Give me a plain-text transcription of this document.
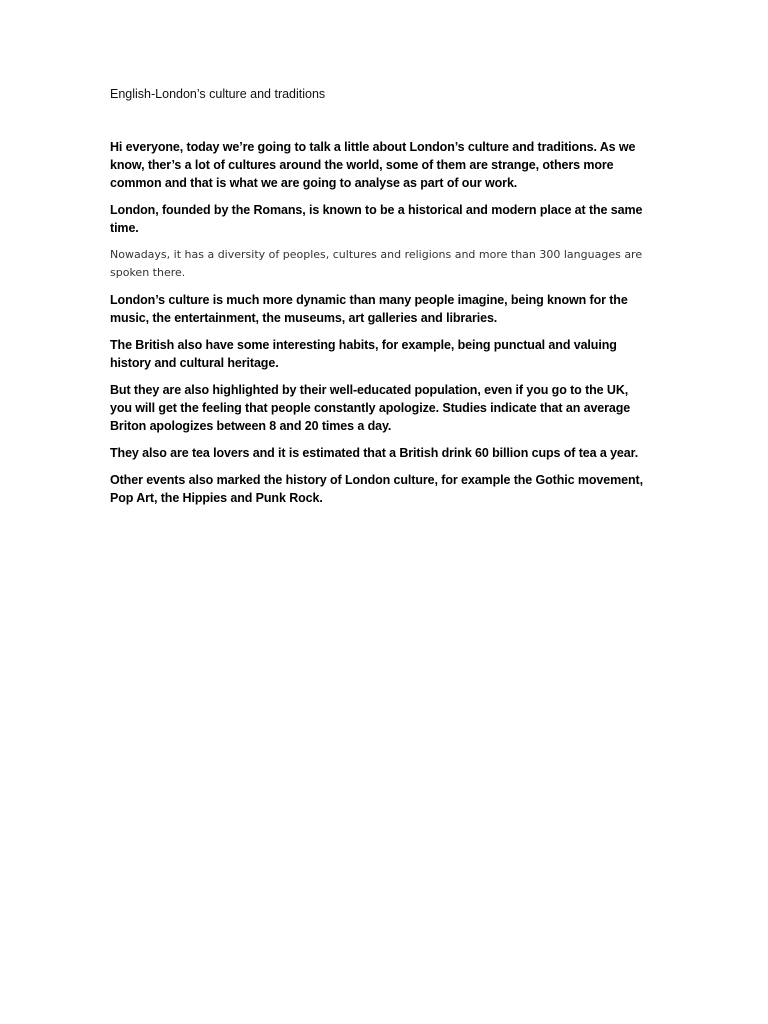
English-London’s culture and traditions

Hi everyone, today we’re going to talk a little about London’s culture and traditions. As we know, ther’s a lot of cultures around the world, some of them are strange, others more common and that is what we are going to analyse as part of our work.

London, founded by the Romans, is known to be a historical and modern place at the same time.

Nowadays, it has a diversity of peoples, cultures and religions and more than 300 languages are spoken there.

London’s culture is much more dynamic than many people imagine, being known for the music, the entertainment, the museums, art galleries and libraries.

The British also have some interesting habits, for example, being punctual and valuing history and cultural heritage.

But they are also highlighted by their well-educated population, even if you go to the UK, you will get the feeling that people constantly apologize. Studies indicate that an average Briton apologizes between 8 and 20 times a day.

They also are tea lovers and it is estimated that a British drink 60 billion cups of tea a year.

Other events also marked the history of London culture, for example the Gothic movement, Pop Art, the Hippies and Punk Rock.
